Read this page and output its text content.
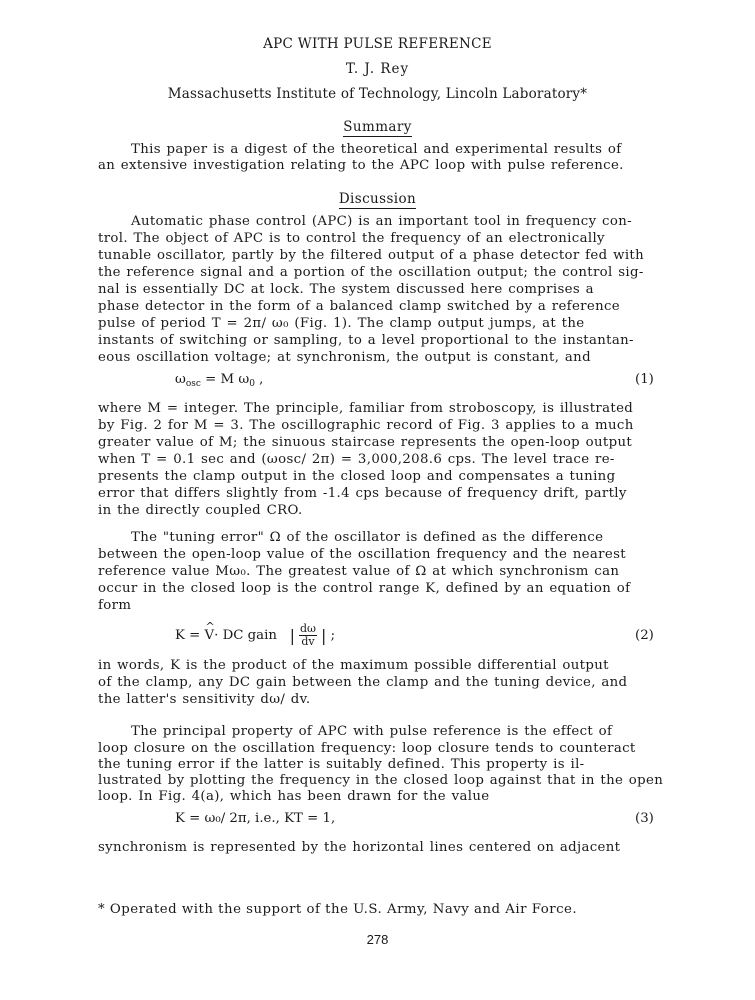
APC WITH PULSE REFERENCE
T. J. Rey
Massachusetts Institute of Technology, Lincoln Laboratory*
Summary
This paper is a digest of the theoretical and experimental results of
an extensive investigation relating to the APC loop with pulse reference.
Discussion
Automatic phase control (APC) is an important tool in frequency con-
trol. The object of APC is to control the frequency of an electronically
tunable oscillator, partly by the filtered output of a phase detector fed with
the reference signal and a portion of the oscillation output; the control sig-
nal is essentially DC at lock. The system discussed here comprises a
phase detector in the form of a balanced clamp switched by a reference
pulse of period T = 2π/ ω₀ (Fig. 1). The clamp output jumps, at the
instants of switching or sampling, to a level proportional to the instantan-
eous oscillation voltage; at synchronism, the output is constant, and
$\omega_{osc} = M$ $\omega_0$ ,	(1)
where M = integer. The principle, familiar from stroboscopy, is illustrated
by Fig. 2 for M = 3. The oscillographic record of Fig. 3 applies to a much
greater value of M; the sinuous staircase represents the open-loop output
when T = 0.1 sec and (ωosc/ 2π) = 3,000,208.6 cps. The level trace re-
presents the clamp output in the closed loop and compensates a tuning
error that differs slightly from -1.4 cps because of frequency drift, partly
in the directly coupled CRO.
The "tuning error" Ω of the oscillator is defined as the difference
between the open-loop value of the oscillation frequency and the nearest
reference value Mω₀. The greatest value of Ω at which synchronism can
occur in the closed loop is the control range K, defined by an equation of
form
K = ^ V· DC gain | $\frac{d\omega}{dv}$ | ;	(2)
in words, K is the product of the maximum possible differential output
of the clamp, any DC gain between the clamp and the tuning device, and
the latter's sensitivity dω/ dv.
The principal property of APC with pulse reference is the effect of
loop closure on the oscillation frequency: loop closure tends to counteract
the tuning error if the latter is suitably defined. This property is il-
lustrated by plotting the frequency in the closed loop against that in the open
loop. In Fig. 4(a), which has been drawn for the value
K = ω₀/ 2π, i.e., KT = 1,	(3)
synchronism is represented by the horizontal lines centered on adjacent
* Operated with the support of the U.S. Army, Navy and Air Force.
278
